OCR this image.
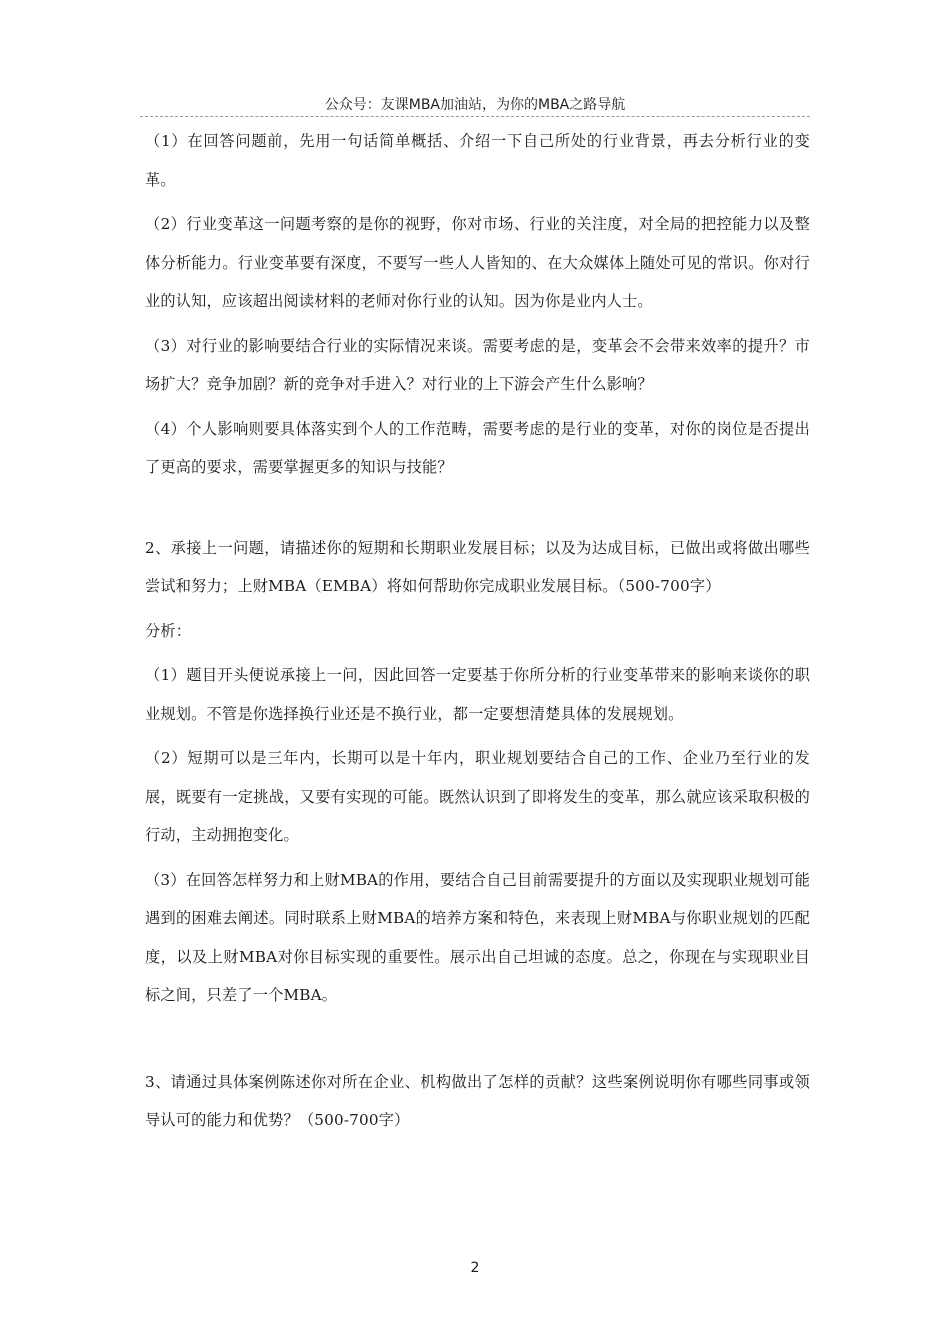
公众号：友课MBA加油站，为你的MBA之路导航

（1）在回答问题前，先用一句话简单概括、介绍一下自己所处的行业背景，再去分析行业的变革。

（2）行业变革这一问题考察的是你的视野，你对市场、行业的关注度，对全局的把控能力以及整体分析能力。行业变革要有深度，不要写一些人人皆知的、在大众媒体上随处可见的常识。你对行业的认知，应该超出阅读材料的老师对你行业的认知。因为你是业内人士。

（3）对行业的影响要结合行业的实际情况来谈。需要考虑的是，变革会不会带来效率的提升？市场扩大？竞争加剧？新的竞争对手进入？对行业的上下游会产生什么影响？

（4）个人影响则要具体落实到个人的工作范畴，需要考虑的是行业的变革，对你的岗位是否提出了更高的要求，需要掌握更多的知识与技能？

2、承接上一问题，请描述你的短期和长期职业发展目标；以及为达成目标，已做出或将做出哪些尝试和努力；上财MBA（EMBA）将如何帮助你完成职业发展目标。（500-700字）

分析：

（1）题目开头便说承接上一问，因此回答一定要基于你所分析的行业变革带来的影响来谈你的职业规划。不管是你选择换行业还是不换行业，都一定要想清楚具体的发展规划。

（2）短期可以是三年内，长期可以是十年内，职业规划要结合自己的工作、企业乃至行业的发展，既要有一定挑战，又要有实现的可能。既然认识到了即将发生的变革，那么就应该采取积极的行动，主动拥抱变化。

（3）在回答怎样努力和上财MBA的作用，要结合自己目前需要提升的方面以及实现职业规划可能遇到的困难去阐述。同时联系上财MBA的培养方案和特色，来表现上财MBA与你职业规划的匹配度，以及上财MBA对你目标实现的重要性。展示出自己坦诚的态度。总之，你现在与实现职业目标之间，只差了一个MBA。

3、请通过具体案例陈述你对所在企业、机构做出了怎样的贡献？这些案例说明你有哪些同事或领导认可的能力和优势？（500-700字）

2
